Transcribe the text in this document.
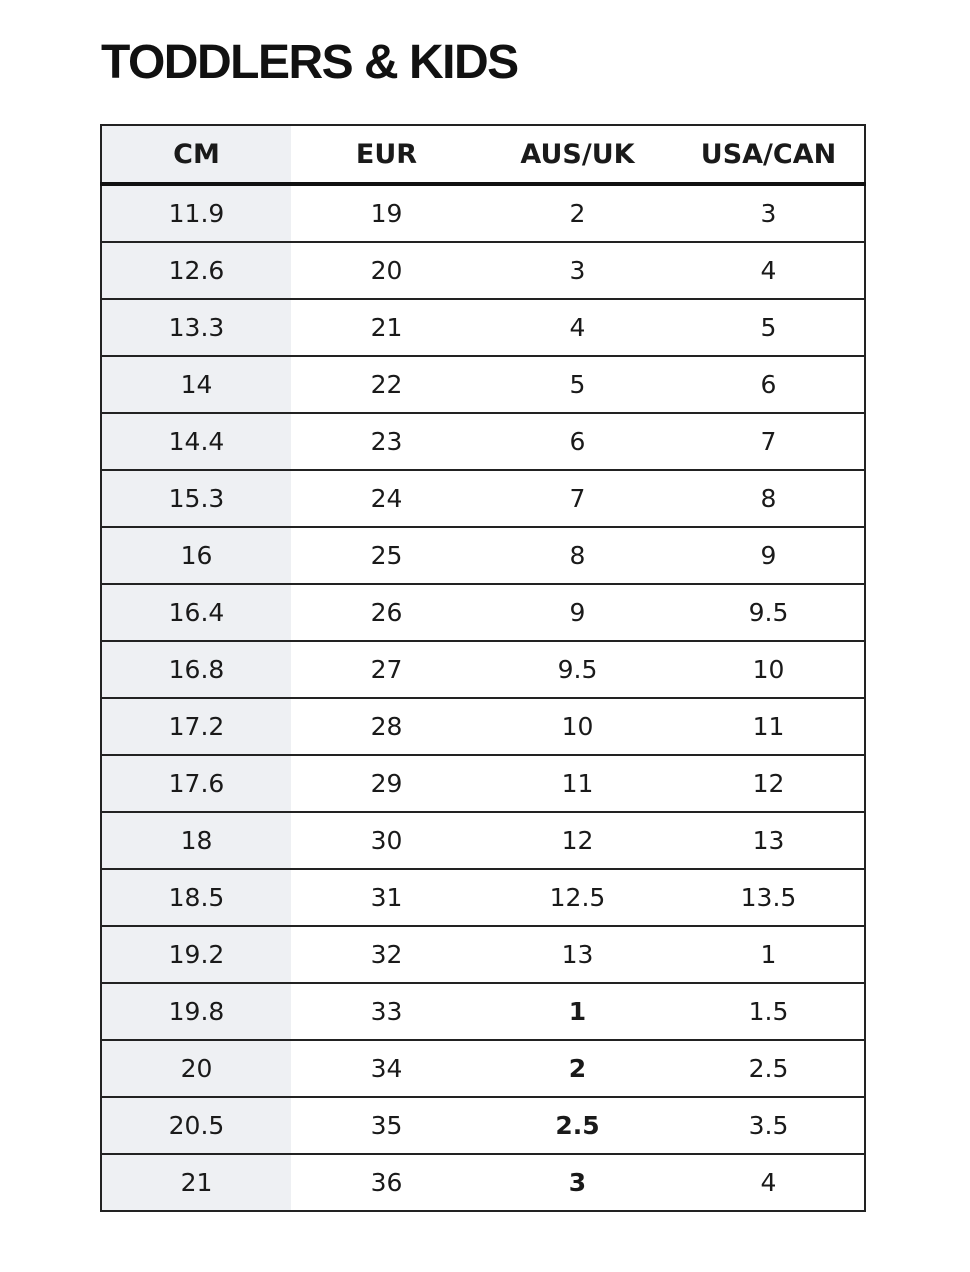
TODDLERS & KIDS
CM	EUR	AUS/UK	USA/CAN
11.9	19	2	3
12.6	20	3	4
13.3	21	4	5
14	22	5	6
14.4	23	6	7
15.3	24	7	8
16	25	8	9
16.4	26	9	9.5
16.8	27	9.5	10
17.2	28	10	11
17.6	29	11	12
18	30	12	13
18.5	31	12.5	13.5
19.2	32	13	1
19.8	33	1	1.5
20	34	2	2.5
20.5	35	2.5	3.5
21	36	3	4
